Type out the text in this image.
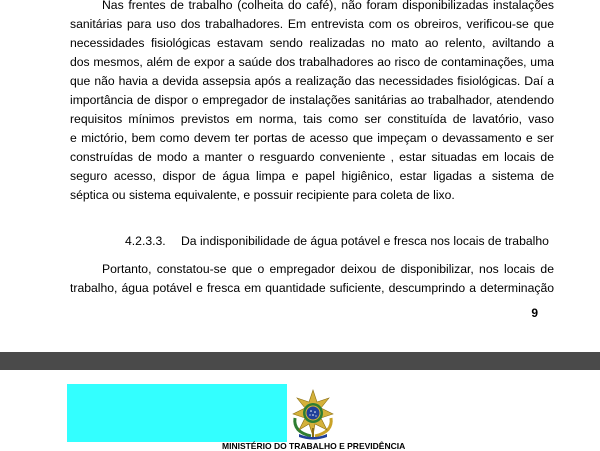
Nas frentes de trabalho (colheita do café), não foram disponibilizadas instalações
sanitárias para uso dos trabalhadores. Em entrevista com os obreiros, verificou-se que
necessidades fisiológicas estavam sendo realizadas no mato ao relento, aviltando a
dos mesmos, além de expor a saúde dos trabalhadores ao risco de contaminações, uma
que não havia a devida assepsia após a realização das necessidades fisiológicas. Daí a
importância de dispor o empregador de instalações sanitárias ao trabalhador, atendendo
requisitos mínimos previstos em norma, tais como ser constituída de lavatório, vaso
e mictório, bem como devem ter portas de acesso que impeçam o devassamento e ser
construídas de modo a manter o resguardo conveniente , estar situadas em locais de
seguro acesso, dispor de água limpa e papel higiênico, estar ligadas a sistema de
séptica ou sistema equivalente, e possuir recipiente para coleta de lixo.
4.2.3.3. Da indisponibilidade de água potável e fresca nos locais de trabalho
Portanto, constatou-se que o empregador deixou de disponibilizar, nos locais de
trabalho, água potável e fresca em quantidade suficiente, descumprindo a determinação
9
MINISTÉRIO DO TRABALHO E PREVIDÊNCIA
